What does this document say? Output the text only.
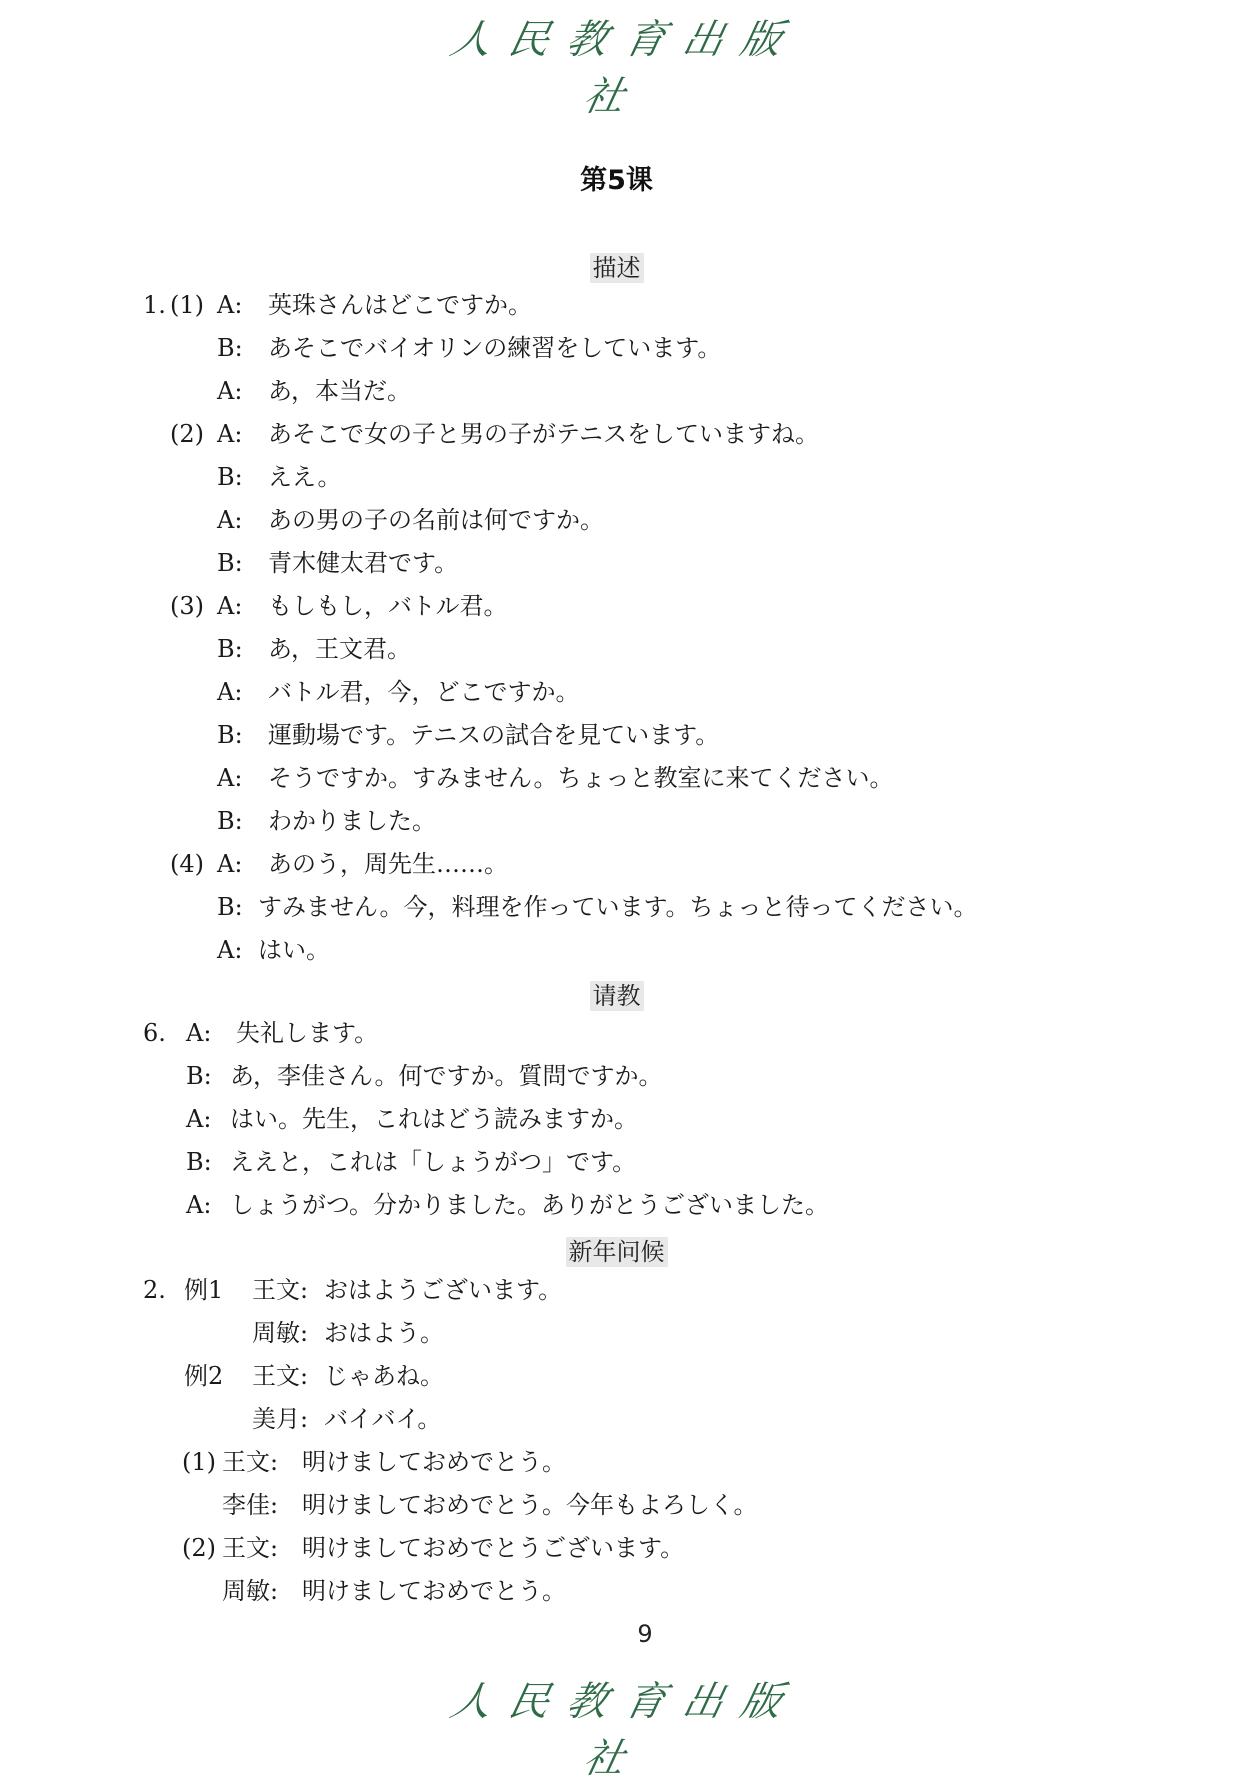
人民教育出版社
第5课
描述
1. (1) A: 英珠さんはどこですか。
B: あそこでバイオリンの練習をしています。
A: あ，本当だ。
(2) A: あそこで女の子と男の子がテニスをしていますね。
B: ええ。
A: あの男の子の名前は何ですか。
B: 青木健太君です。
(3) A: もしもし，バトル君。
B: あ，王文君。
A: バトル君，今，どこですか。
B: 運動場です。テニスの試合を見ています。
A: そうですか。すみません。ちょっと教室に来てください。
B: わかりました。
(4) A: あのう，周先生……。
B: すみません。今，料理を作っています。ちょっと待ってください。
A: はい。
请教
6. A: 失礼します。
B: あ，李佳さん。何ですか。質問ですか。
A: はい。先生，これはどう読みますか。
B: ええと，これは「しょうがつ」です。
A: しょうがつ。分かりました。ありがとうございました。
新年问候
2. 例1 王文: おはようございます。
周敏: おはよう。
例2 王文: じゃあね。
美月: バイバイ。
(1) 王文: 明けましておめでとう。
李佳: 明けましておめでとう。今年もよろしく。
(2) 王文: 明けましておめでとうございます。
周敏: 明けましておめでとう。
9
人民教育出版社
